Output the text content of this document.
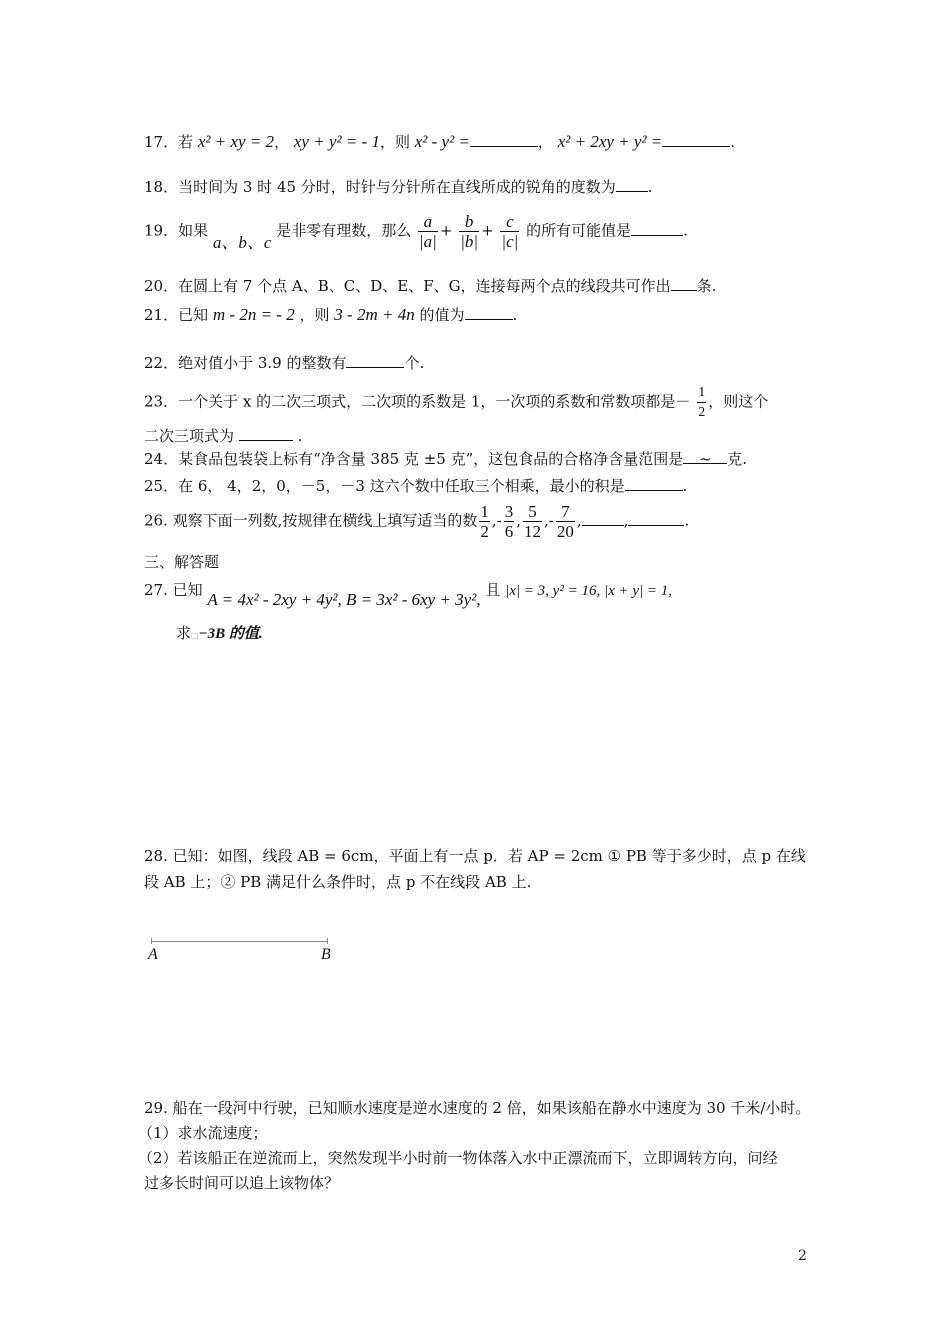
17．若 x² + xy = 2， xy + y² = - 1，则 x² - y² =	， x² + 2xy + y² =	.
18．当时间为 3 时 45 分时，时针与分针所在直线所成的锐角的度数为 .
19．如果 a、b、c 是非零有理数，那么 $\frac{a}{|a|} + \frac{b}{|b|} + \frac{c}{|c|}$ 的所有可能值是	.
20．在圆上有 7 个点 A、B、C、D、E、F、G，连接每两个点的线段共可作出 条.
21．已知 m - 2n = - 2 ，则 3 - 2m + 4n 的值为	.
22．绝对值小于 3.9 的整数有	个.
23．一个关于 x 的二次三项式，二次项的系数是 1，一次项的系数和常数项都是－ $\frac{1}{2}$ ，则这个
二次三项式为	.
24．某食品包装袋上标有“净含量 385 克 ±5 克”，这包食品的合格净含量范围是 ~ 克.
25．在 6， 4，2，0，－5，－3 这六个数中任取三个相乘，最小的积是	.
26. 观察下面一列数,按规律在横线上填写适当的数 $\frac{1}{2}$ ,- $\frac{3}{6}$ , $\frac{5}{12}$ ,- $\frac{7}{20}$ ,	,	.
三、解答题
27. 已知 A = 4x² - 2xy + 4y², B = 3x² - 6xy + 3y², 且 |x| = 3, y² = 16, |x + y| = 1,
求□−3B 的值.
28. 已知：如图，线段 AB = 6cm，平面上有一点 p．若 AP = 2cm ① PB 等于多少时，点 p 在线
段 AB 上；② PB 满足什么条件时，点 p 不在线段 AB 上.
A	B
29. 船在一段河中行驶，已知顺水速度是逆水速度的 2 倍，如果该船在静水中速度为 30 千米/小时。
（1）求水流速度；
（2）若该船正在逆流而上，突然发现半小时前一物体落入水中正漂流而下，立即调转方向，问经
过多长时间可以追上该物体？
2
